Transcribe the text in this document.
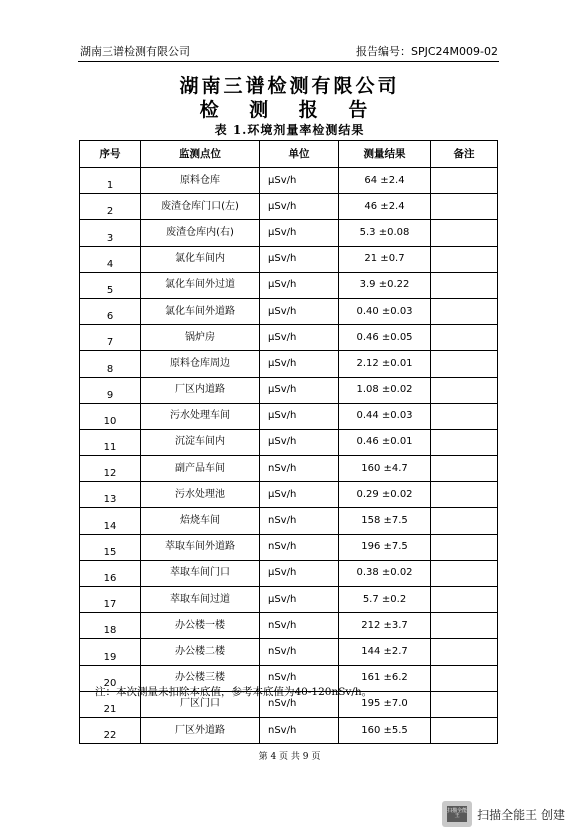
湖南三谱检测有限公司	报告编号：SPJC24M009-02
湖南三谱检测有限公司
检 测 报 告
表 1.环境剂量率检测结果
序号	监测点位	单位	测量结果	备注
1	原料仓库	μSv/h	64 ±2.4	
2	废渣仓库门口(左)	μSv/h	46 ±2.4	
3	废渣仓库内(右)	μSv/h	5.3 ±0.08	
4	氯化车间内	μSv/h	21 ±0.7	
5	氯化车间外过道	μSv/h	3.9 ±0.22	
6	氯化车间外道路	μSv/h	0.40 ±0.03	
7	锅炉房	μSv/h	0.46 ±0.05	
8	原料仓库周边	μSv/h	2.12 ±0.01	
9	厂区内道路	μSv/h	1.08 ±0.02	
10	污水处理车间	μSv/h	0.44 ±0.03	
11	沉淀车间内	μSv/h	0.46 ±0.01	
12	副产品车间	nSv/h	160 ±4.7	
13	污水处理池	μSv/h	0.29 ±0.02	
14	焙烧车间	nSv/h	158 ±7.5	
15	萃取车间外道路	nSv/h	196 ±7.5	
16	萃取车间门口	μSv/h	0.38 ±0.02	
17	萃取车间过道	μSv/h	5.7 ±0.2	
18	办公楼一楼	nSv/h	212 ±3.7	
19	办公楼二楼	nSv/h	144 ±2.7	
20	办公楼三楼	nSv/h	161 ±6.2	
21	厂区门口	nSv/h	195 ±7.0	
22	厂区外道路	nSv/h	160 ±5.5	
注：本次测量未扣除本底值，参考本底值为40-120nSv/h。
第 4 页 共 9 页
扫描全能王	扫描全能王 创建
